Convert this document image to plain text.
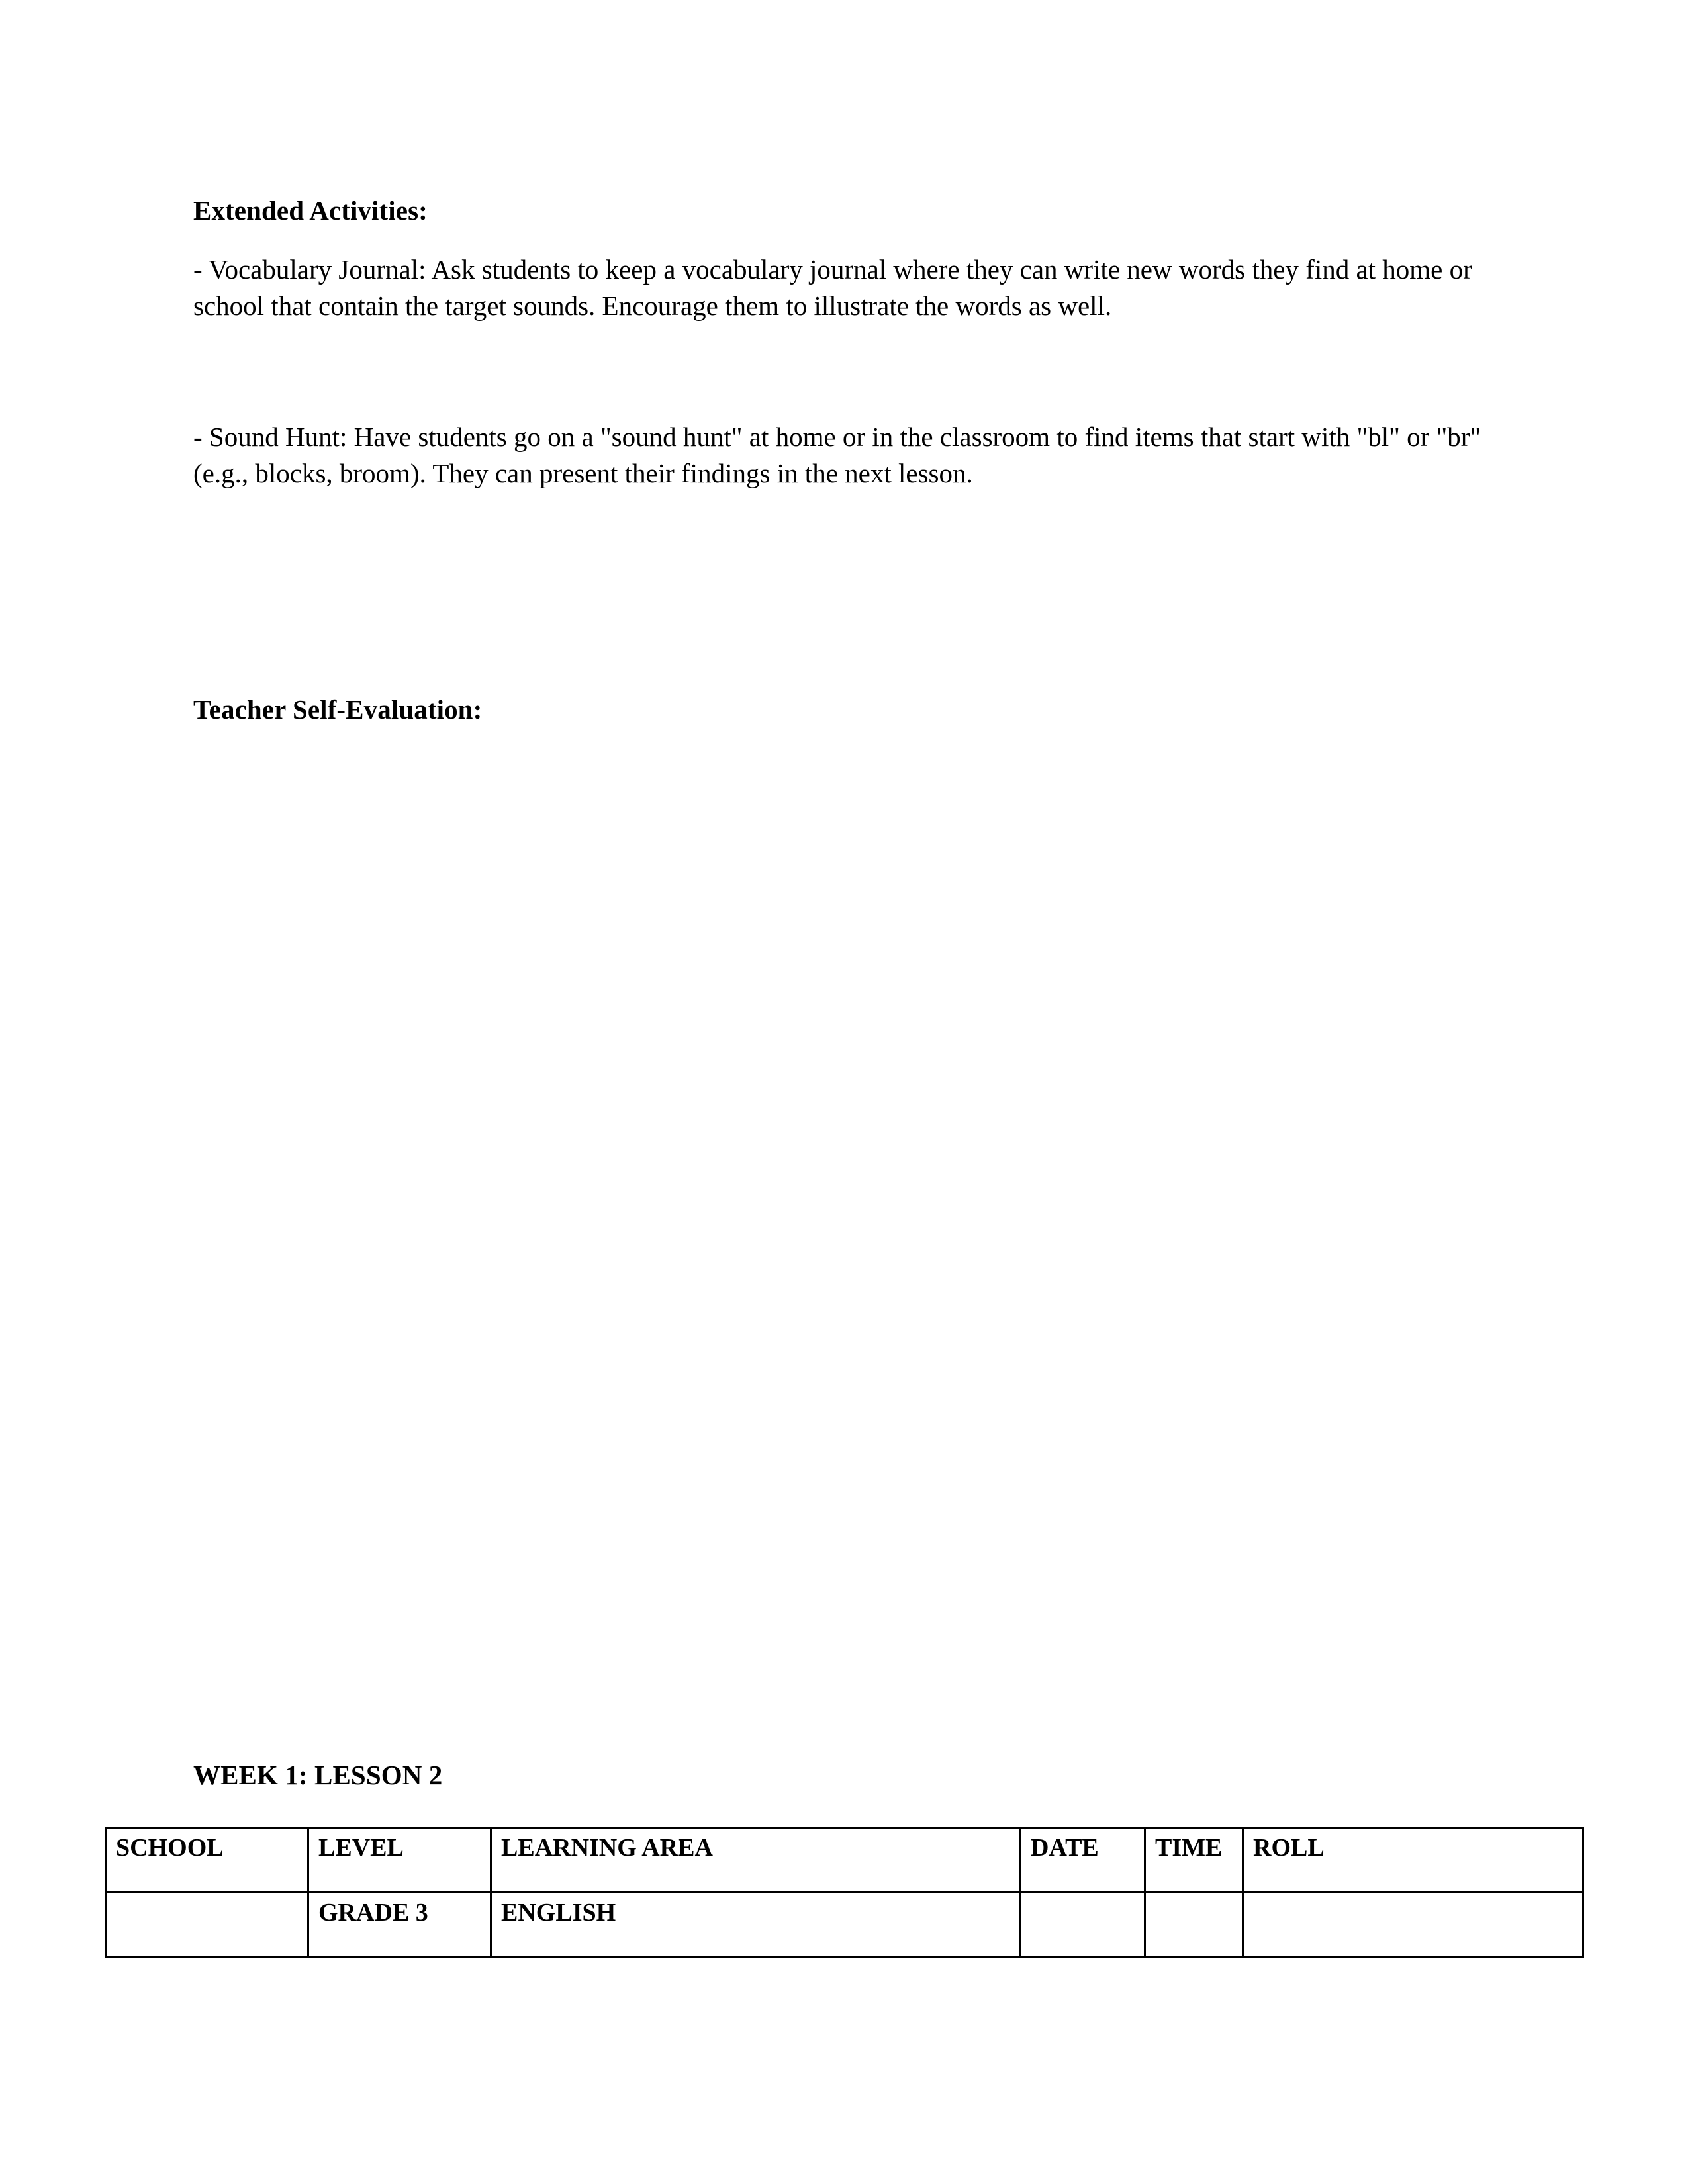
Extended Activities:

- Vocabulary Journal: Ask students to keep a vocabulary journal where they can write new words they find at home or school that contain the target sounds. Encourage them to illustrate the words as well.

- Sound Hunt: Have students go on a "sound hunt" at home or in the classroom to find items that start with "bl" or "br" (e.g., blocks, broom). They can present their findings in the next lesson.

Teacher Self-Evaluation:
WEEK 1: LESSON 2
SCHOOL	LEVEL	LEARNING AREA	DATE	TIME	ROLL
	GRADE 3	ENGLISH			
